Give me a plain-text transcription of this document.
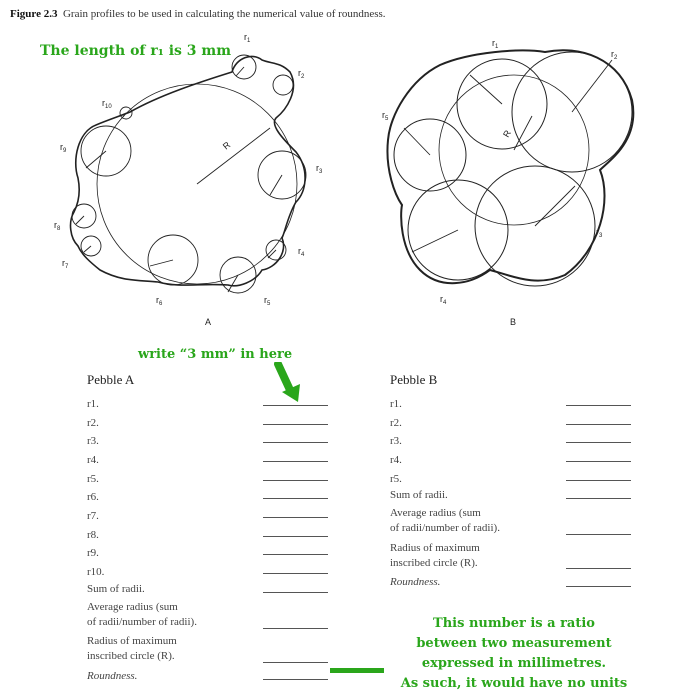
Figure 2.3 Grain profiles to be used in calculating the numerical value of roundness.
$r_1$
$r_2$
$r_3$
$r_4$
$r_5$
$r_6$
$r_7$
$r_8$
$r_9$
$r_{10}$
R
A
$r_1$
$r_2$
$r_3$
$r_4$
$r_5$
R
B
The length of r₁ is 3 mm
write “3 mm” in here
This number is a ratio
between two measurement
expressed in millimetres.
As such, it would have no units
Pebble A
r1.
r2.
r3.
r4.
r5.
r6.
r7.
r8.
r9.
r10.
Sum of radii.
Average radius (sum
of radii/number of radii).
Radius of maximum
inscribed circle (R).
Roundness.
Pebble B
r1.
r2.
r3.
r4.
r5.
Sum of radii.
Average radius (sum
of radii/number of radii).
Radius of maximum
inscribed circle (R).
Roundness.
